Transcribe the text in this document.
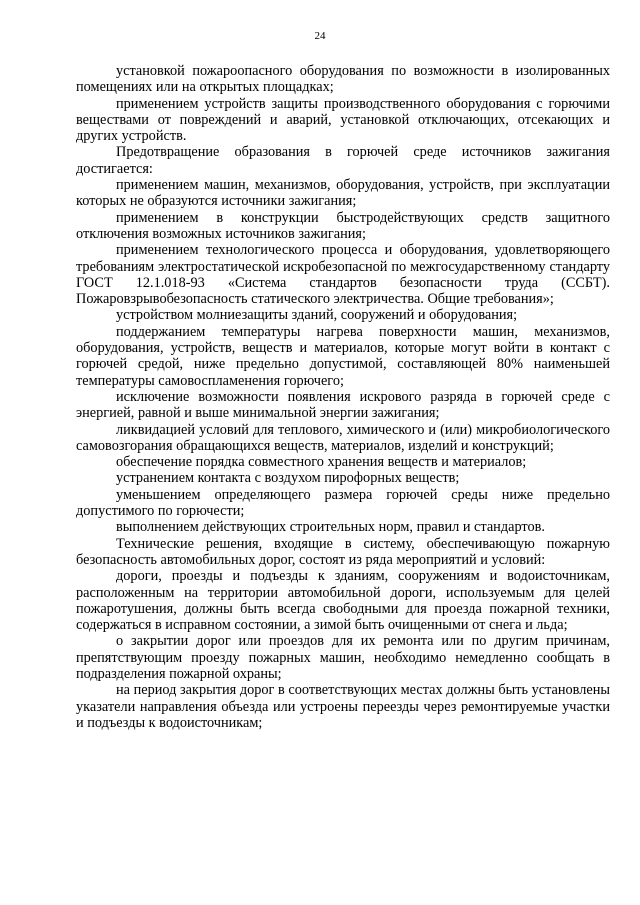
24

установкой пожароопасного оборудования по возможности в изолированных помещениях или на открытых площадках;

применением устройств защиты производственного оборудования с горючими веществами от повреждений и аварий, установкой отключающих, отсекающих и других устройств.

Предотвращение образования в горючей среде источников зажигания достигается:

применением машин, механизмов, оборудования, устройств, при эксплуатации которых не образуются источники зажигания;

применением в конструкции быстродействующих средств защитного отключения возможных источников зажигания;

применением технологического процесса и оборудования, удовлетворяющего требованиям электростатической искробезопасной по межгосударственному стандарту ГОСТ 12.1.018-93 «Система стандартов безопасности труда (ССБТ). Пожаровзрывобезопасность статического электричества. Общие требования»;

устройством молниезащиты зданий, сооружений и оборудования;

поддержанием температуры нагрева поверхности машин, механизмов, оборудования, устройств, веществ и материалов, которые могут войти в контакт с горючей средой, ниже предельно допустимой, составляющей 80% наименьшей температуры самовоспламенения горючего;

исключение возможности появления искрового разряда в горючей среде с энергией, равной и выше минимальной энергии зажигания;

ликвидацией условий для теплового, химического и (или) микробиологического самовозгорания обращающихся веществ, материалов, изделий и конструкций;

обеспечение порядка совместного хранения веществ и материалов;

устранением контакта с воздухом пирофорных веществ;

уменьшением определяющего размера горючей среды ниже предельно допустимого по горючести;

выполнением действующих строительных норм, правил и стандартов.

Технические решения, входящие в систему, обеспечивающую пожарную безопасность автомобильных дорог, состоят из ряда мероприятий и условий:

дороги, проезды и подъезды к зданиям, сооружениям и водоисточникам, расположенным на территории автомобильной дороги, используемым для целей пожаротушения, должны быть всегда свободными для проезда пожарной техники, содержаться в исправном состоянии, а зимой быть очищенными от снега и льда;

о закрытии дорог или проездов для их ремонта или по другим причинам, препятствующим проезду пожарных машин, необходимо немедленно сообщать в подразделения пожарной охраны;

на период закрытия дорог в соответствующих местах должны быть установлены указатели направления объезда или устроены переезды через ремонтируемые участки и подъезды к водоисточникам;
